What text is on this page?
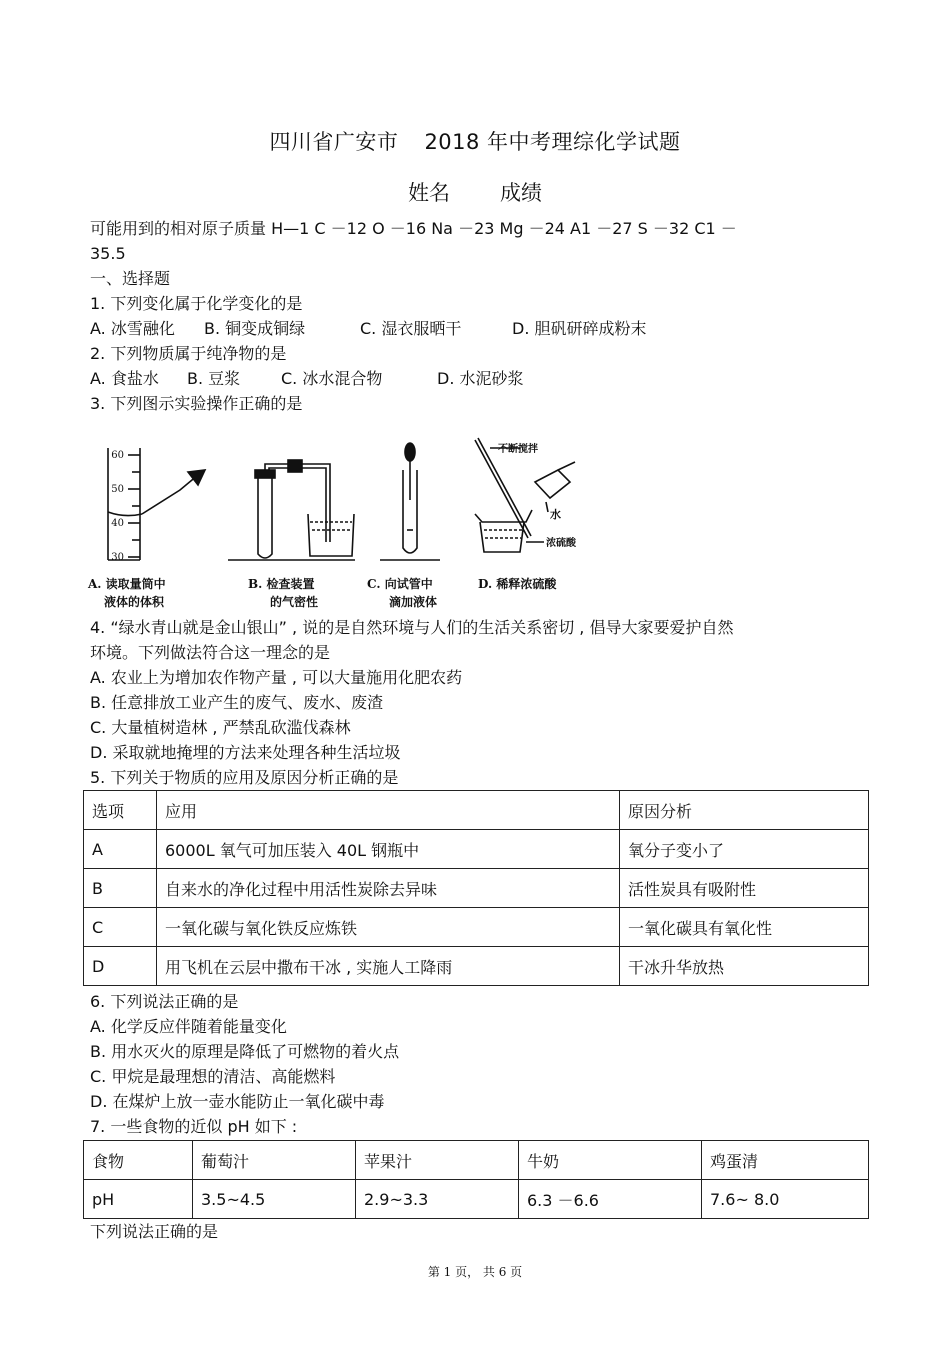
四川省广安市 2018 年中考理综化学试题
姓名 成绩
可能用到的相对原子质量 H—1 C －12 O －16 Na －23 Mg －24 A1 －27 S －32 C1 －
35.5
一、选择题
1. 下列变化属于化学变化的是
A. 冰雪融化 B. 铜变成铜绿	C. 湿衣服晒干	D. 胆矾研碎成粉末
2. 下列物质属于纯净物的是
A. 食盐水 B. 豆浆	C. 冰水混合物	D. 水泥砂浆
3. 下列图示实验操作正确的是
60
50
40
30
不断搅拌
水
浓硫酸
A. 读取量筒中
液体的体积
B. 检查装置
的气密性
C. 向试管中
滴加液体
D. 稀释浓硫酸
4. “绿水青山就是金山银山” , 说的是自然环境与人们的生活关系密切 , 倡导大家要爱护自然
环境。下列做法符合这一理念的是
A. 农业上为增加农作物产量 , 可以大量施用化肥农药
B. 任意排放工业产生的废气、废水、废渣
C. 大量植树造林 , 严禁乱砍滥伐森林
D. 采取就地掩埋的方法来处理各种生活垃圾
5. 下列关于物质的应用及原因分析正确的是
选项	应用	原因分析
A	6000L 氧气可加压装入 40L 钢瓶中	氧分子变小了
B	自来水的净化过程中用活性炭除去异味	活性炭具有吸附性
C	一氧化碳与氧化铁反应炼铁	一氧化碳具有氧化性
D	用飞机在云层中撒布干冰 , 实施人工降雨	干冰升华放热
6. 下列说法正确的是
A. 化学反应伴随着能量变化
B. 用水灭火的原理是降低了可燃物的着火点
C. 甲烷是最理想的清洁、高能燃料
D. 在煤炉上放一壶水能防止一氧化碳中毒
7. 一些食物的近似 pH 如下 :
食物	葡萄汁	苹果汁	牛奶	鸡蛋清
pH	3.5~4.5	2.9~3.3	6.3 －6.6	7.6~ 8.0
下列说法正确的是
第 1 页， 共 6 页
